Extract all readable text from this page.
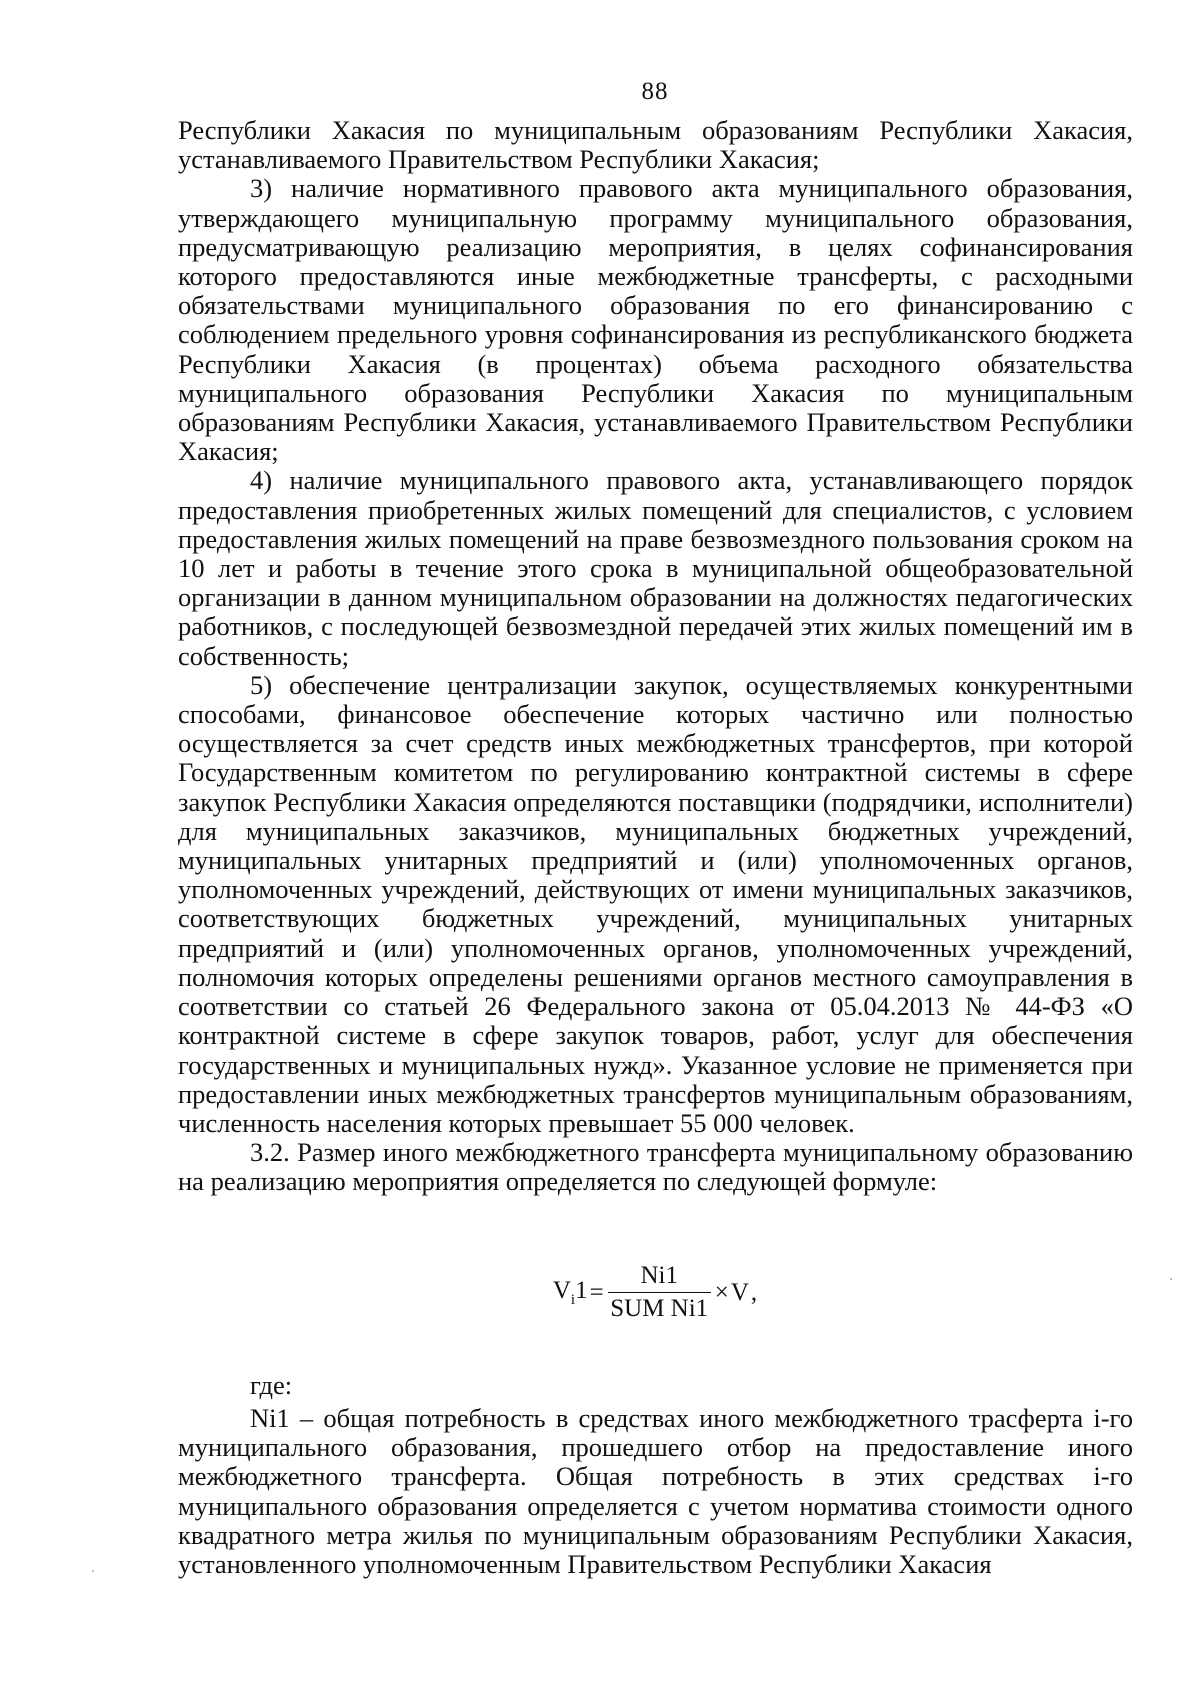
88

Республики Хакасия по муниципальным образованиям Республики Хакасия, устанавливаемого Правительством Республики Хакасия;

3) наличие нормативного правового акта муниципального образования, утверждающего муниципальную программу муниципального образования, предусматривающую реализацию мероприятия, в целях софинансирования которого предоставляются иные межбюджетные трансферты, с расходными обязательствами муниципального образования по его финансированию с соблюдением предельного уровня софинансирования из республиканского бюджета Республики Хакасия (в процентах) объема расходного обязательства муниципального образования Республики Хакасия по муниципальным образованиям Республики Хакасия, устанавливаемого Правительством Республики Хакасия;

4) наличие муниципального правового акта, устанавливающего порядок предоставления приобретенных жилых помещений для специалистов, с условием предоставления жилых помещений на праве безвозмездного пользования сроком на 10 лет и работы в течение этого срока в муниципальной общеобразовательной организации в данном муниципальном образовании на должностях педагогических работников, с последующей безвозмездной передачей этих жилых помещений им в собственность;

5) обеспечение централизации закупок, осуществляемых конкурентными способами, финансовое обеспечение которых частично или полностью осуществляется за счет средств иных межбюджетных трансфертов, при которой Государственным комитетом по регулированию контрактной системы в сфере закупок Республики Хакасия определяются поставщики (подрядчики, исполнители) для муниципальных заказчиков, муниципальных бюджетных учреждений, муниципальных унитарных предприятий и (или) уполномоченных органов, уполномоченных учреждений, действующих от имени муниципальных заказчиков, соответствующих бюджетных учреждений, муниципальных унитарных предприятий и (или) уполномоченных органов, уполномоченных учреждений, полномочия которых определены решениями органов местного самоуправления в соответствии со статьей 26 Федерального закона от 05.04.2013 № 44-ФЗ «О контрактной системе в сфере закупок товаров, работ, услуг для обеспечения государственных и муниципальных нужд». Указанное условие не применяется при предоставлении иных межбюджетных трансфертов муниципальным образованиям, численность населения которых превышает 55 000 человек.

3.2. Размер иного межбюджетного трансферта муниципальному образованию на реализацию мероприятия определяется по следующей формуле:

$V_i1 = \frac{Ni1}{\text{SUM Ni1}} \times V$ ,
где:

Ni1 – общая потребность в средствах иного межбюджетного трасферта i-го муниципального образования, прошедшего отбор на предоставление иного межбюджетного трансферта. Общая потребность в этих средствах i-го муниципального образования определяется с учетом норматива стоимости одного квадратного метра жилья по муниципальным образованиям Республики Хакасия, установленного уполномоченным Правительством Республики Хакасия
